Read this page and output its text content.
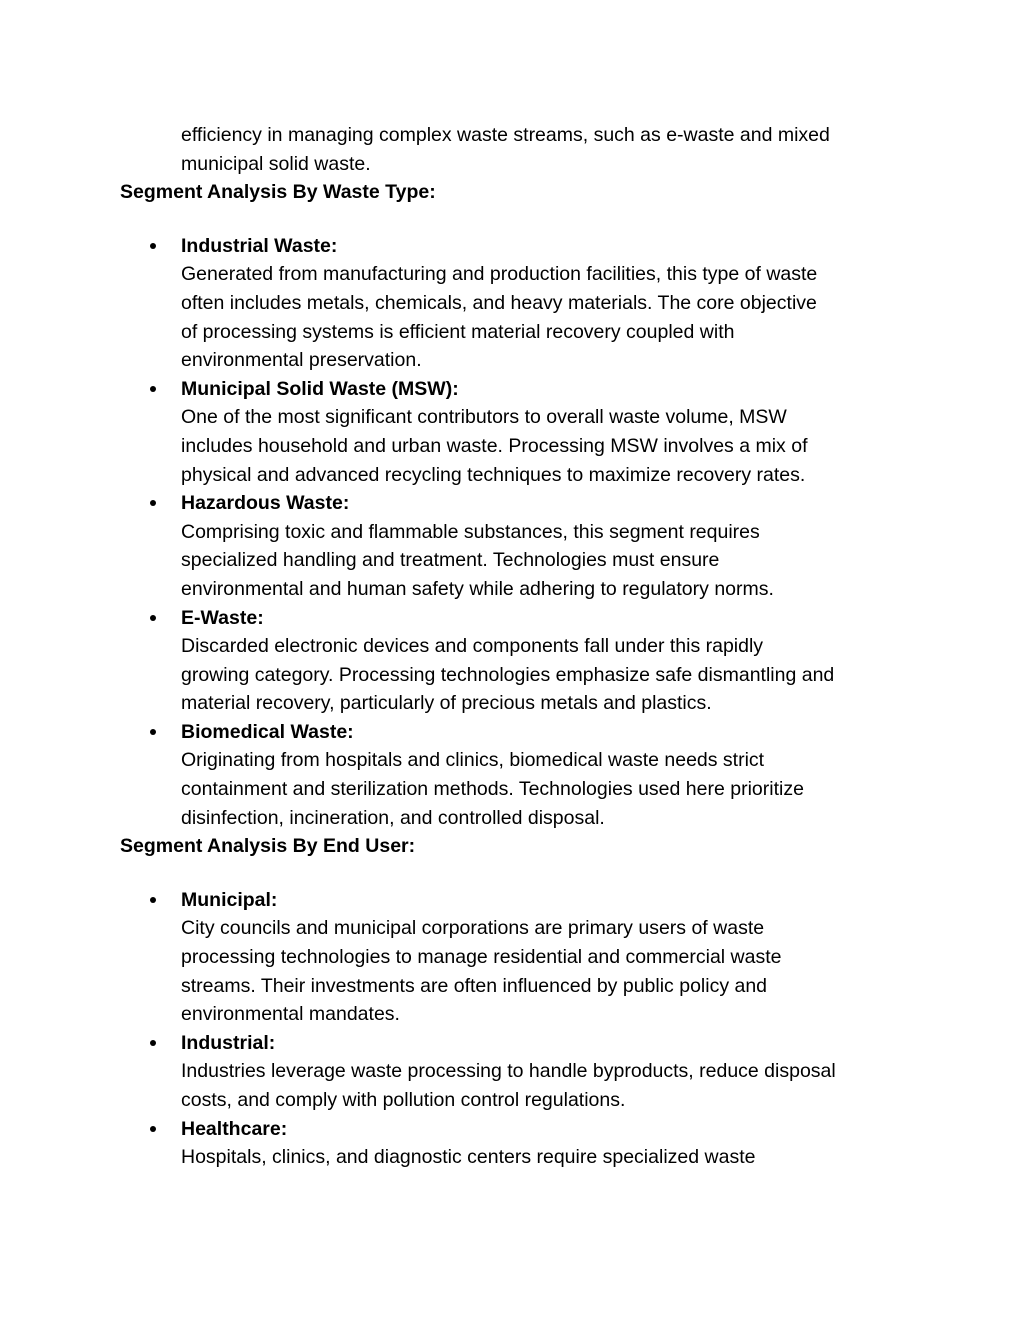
efficiency in managing complex waste streams, such as e-waste and mixed
municipal solid waste.
Segment Analysis By Waste Type:
Industrial Waste:
Generated from manufacturing and production facilities, this type of waste
often includes metals, chemicals, and heavy materials. The core objective
of processing systems is efficient material recovery coupled with
environmental preservation.
Municipal Solid Waste (MSW):
One of the most significant contributors to overall waste volume, MSW
includes household and urban waste. Processing MSW involves a mix of
physical and advanced recycling techniques to maximize recovery rates.
Hazardous Waste:
Comprising toxic and flammable substances, this segment requires
specialized handling and treatment. Technologies must ensure
environmental and human safety while adhering to regulatory norms.
E-Waste:
Discarded electronic devices and components fall under this rapidly
growing category. Processing technologies emphasize safe dismantling and
material recovery, particularly of precious metals and plastics.
Biomedical Waste:
Originating from hospitals and clinics, biomedical waste needs strict
containment and sterilization methods. Technologies used here prioritize
disinfection, incineration, and controlled disposal.
Segment Analysis By End User:
Municipal:
City councils and municipal corporations are primary users of waste
processing technologies to manage residential and commercial waste
streams. Their investments are often influenced by public policy and
environmental mandates.
Industrial:
Industries leverage waste processing to handle byproducts, reduce disposal
costs, and comply with pollution control regulations.
Healthcare:
Hospitals, clinics, and diagnostic centers require specialized waste
